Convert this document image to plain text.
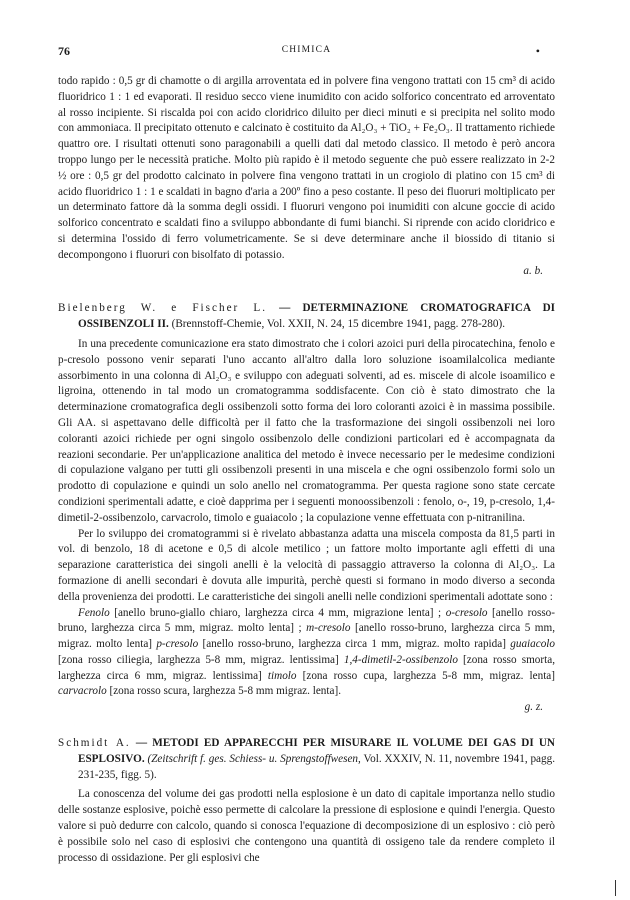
76	CHIMICA	•

todo rapido : 0,5 gr di chamotte o di argilla arroventata ed in polvere fina vengono trattati con 15 cm³ di acido fluoridrico 1 : 1 ed evaporati. Il residuo secco viene inumidito con acido solforico concentrato ed arroventato al rosso incipiente. Si riscalda poi con acido cloridrico diluito per dieci minuti e si precipita nel solito modo con ammoniaca. Il precipitato ottenuto e calcinato è costituito da Al₂O₃ + TiO₂ + Fe₂O₃. Il trattamento richiede quattro ore. I risultati ottenuti sono paragonabili a quelli dati dal metodo classico. Il metodo è però ancora troppo lungo per le necessità pratiche. Molto più rapido è il metodo seguente che può essere realizzato in 2-2 ½ ore : 0,5 gr del prodotto calcinato in polvere fina vengono trattati in un crogiolo di platino con 15 cm³ di acido fluoridrico 1 : 1 e scaldati in bagno d'aria a 200º fino a peso costante. Il peso dei fluoruri moltiplicato per un determinato fattore dà la somma degli ossidi. I fluoruri vengono poi inumiditi con alcune goccie di acido solforico concentrato e scaldati fino a sviluppo abbondante di fumi bianchi. Si riprende con acido cloridrico e si determina l'ossido di ferro volumetricamente. Se si deve determinare anche il biossido di titanio si decompongono i fluoruri con bisolfato di potassio.

a. b.

Bielenberg W. e Fischer L. — DETERMINAZIONE CROMATOGRAFICA DI OSSIBENZOLI II. (Brennstoff-Chemie, Vol. XXII, N. 24, 15 dicembre 1941, pagg. 278-280).

In una precedente comunicazione era stato dimostrato che i colori azoici puri della pirocatechina, fenolo e p-cresolo possono venir separati l'uno accanto all'altro dalla loro soluzione isoamilalcolica mediante assorbimento in una colonna di Al₂O₃ e sviluppo con adeguati solventi, ad es. miscele di alcole isoamilico e ligroina, ottenendo in tal modo un cromatogramma soddisfacente. Con ciò è stato dimostrato che la determinazione cromatografica degli ossibenzoli sotto forma dei loro coloranti azoici è in massima possibile. Gli AA. si aspettavano delle difficoltà per il fatto che la trasformazione dei singoli ossibenzoli nei loro coloranti azoici richiede per ogni singolo ossibenzolo delle condizioni particolari ed è accompagnata da reazioni secondarie. Per un'applicazione analitica del metodo è invece necessario per le medesime condizioni di copulazione valgano per tutti gli ossibenzoli presenti in una miscela e che ogni ossibenzolo formi solo un prodotto di copulazione e quindi un solo anello nel cromatogramma. Per questa ragione sono state cercate condizioni sperimentali adatte, e cioè dapprima per i seguenti monoossibenzoli : fenolo, o-, 19, p-cresolo, 1,4-dimetil-2-ossibenzolo, carvacrolo, timolo e guaiacolo ; la copulazione venne effettuata con p-nitranilina.

Per lo sviluppo dei cromatogrammi si è rivelato abbastanza adatta una miscela composta da 81,5 parti in vol. di benzolo, 18 di acetone e 0,5 di alcole metilico ; un fattore molto importante agli effetti di una separazione caratteristica dei singoli anelli è la velocità di passaggio attraverso la colonna di Al₂O₃. La formazione di anelli secondari è dovuta alle impurità, perchè questi si formano in modo diverso a seconda della provenienza dei prodotti. Le caratteristiche dei singoli anelli nelle condizioni sperimentali adottate sono :

Fenolo [anello bruno-giallo chiaro, larghezza circa 4 mm, migrazione lenta] ; o-cresolo [anello rosso-bruno, larghezza circa 5 mm, migraz. molto lenta] ; m-cresolo [anello rosso-bruno, larghezza circa 5 mm, migraz. molto lenta] p-cresolo [anello rosso-bruno, larghezza circa 1 mm, migraz. molto rapida] guaiacolo [zona rosso ciliegia, larghezza 5-8 mm, migraz. lentissima] 1,4-dimetil-2-ossibenzolo [zona rosso smorta, larghezza circa 6 mm, migraz. lentissima] timolo [zona rosso cupa, larghezza 5-8 mm, migraz. lenta] carvacrolo [zona rosso scura, larghezza 5-8 mm migraz. lenta].

g. z.

Schmidt A. — METODI ED APPARECCHI PER MISURARE IL VOLUME DEI GAS DI UN ESPLOSIVO. (Zeitschrift f. ges. Schiess- u. Sprengstoffwesen, Vol. XXXIV, N. 11, novembre 1941, pagg. 231-235, figg. 5).

La conoscenza del volume dei gas prodotti nella esplosione è un dato di capitale importanza nello studio delle sostanze esplosive, poichè esso permette di calcolare la pressione di esplosione e quindi l'energia. Questo valore si può dedurre con calcolo, quando si conosca l'equazione di decomposizione di un esplosivo : ciò però è possibile solo nel caso di esplosivi che contengono una quantità di ossigeno tale da rendere completo il processo di ossidazione. Per gli esplosivi che
